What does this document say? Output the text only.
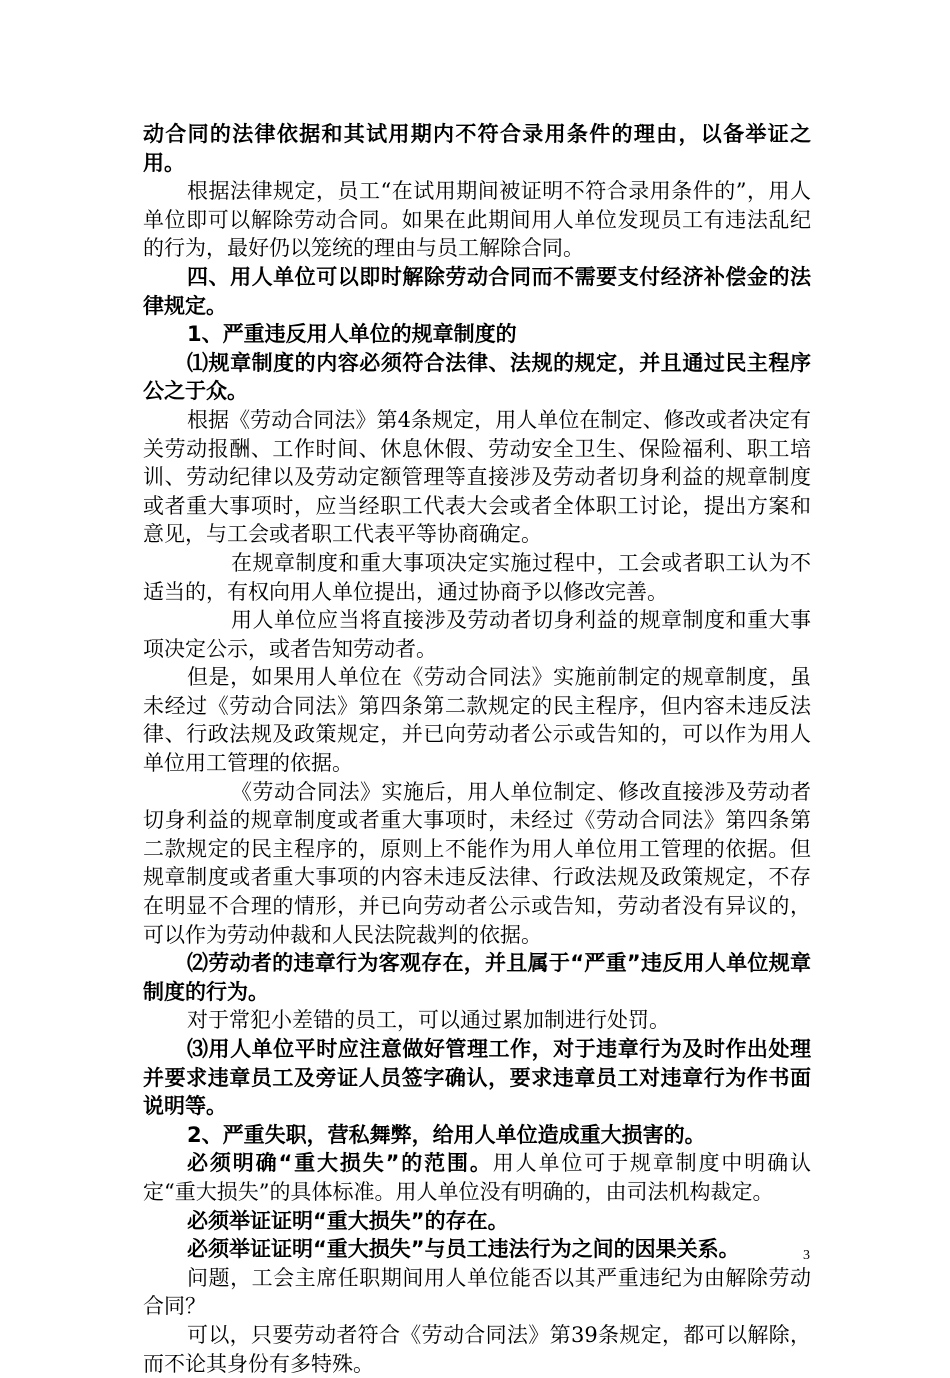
动合同的法律依据和其试用期内不符合录用条件的理由，以备举证之用。

根据法律规定，员工“在试用期间被证明不符合录用条件的”，用人单位即可以解除劳动合同。如果在此期间用人单位发现员工有违法乱纪的行为，最好仍以笼统的理由与员工解除合同。

四、用人单位可以即时解除劳动合同而不需要支付经济补偿金的法律规定。

1、严重违反用人单位的规章制度的

⑴规章制度的内容必须符合法律、法规的规定，并且通过民主程序公之于众。

根据《劳动合同法》第4条规定，用人单位在制定、修改或者决定有关劳动报酬、工作时间、休息休假、劳动安全卫生、保险福利、职工培训、劳动纪律以及劳动定额管理等直接涉及劳动者切身利益的规章制度或者重大事项时，应当经职工代表大会或者全体职工讨论，提出方案和意见，与工会或者职工代表平等协商确定。

在规章制度和重大事项决定实施过程中，工会或者职工认为不适当的，有权向用人单位提出，通过协商予以修改完善。

用人单位应当将直接涉及劳动者切身利益的规章制度和重大事项决定公示，或者告知劳动者。

但是，如果用人单位在《劳动合同法》实施前制定的规章制度，虽未经过《劳动合同法》第四条第二款规定的民主程序，但内容未违反法律、行政法规及政策规定，并已向劳动者公示或告知的，可以作为用人单位用工管理的依据。

《劳动合同法》实施后，用人单位制定、修改直接涉及劳动者切身利益的规章制度或者重大事项时，未经过《劳动合同法》第四条第二款规定的民主程序的，原则上不能作为用人单位用工管理的依据。但规章制度或者重大事项的内容未违反法律、行政法规及政策规定，不存在明显不合理的情形，并已向劳动者公示或告知，劳动者没有异议的，可以作为劳动仲裁和人民法院裁判的依据。

⑵劳动者的违章行为客观存在，并且属于“严重”违反用人单位规章制度的行为。

对于常犯小差错的员工，可以通过累加制进行处罚。

⑶用人单位平时应注意做好管理工作，对于违章行为及时作出处理并要求违章员工及旁证人员签字确认，要求违章员工对违章行为作书面说明等。

2、严重失职，营私舞弊，给用人单位造成重大损害的。

必须明确“重大损失”的范围。用人单位可于规章制度中明确认定“重大损失”的具体标准。用人单位没有明确的，由司法机构裁定。

必须举证证明“重大损失”的存在。

必须举证证明“重大损失”与员工违法行为之间的因果关系。

问题，工会主席任职期间用人单位能否以其严重违纪为由解除劳动合同？

可以，只要劳动者符合《劳动合同法》第39条规定，都可以解除，而不论其身份有多特殊。

3
